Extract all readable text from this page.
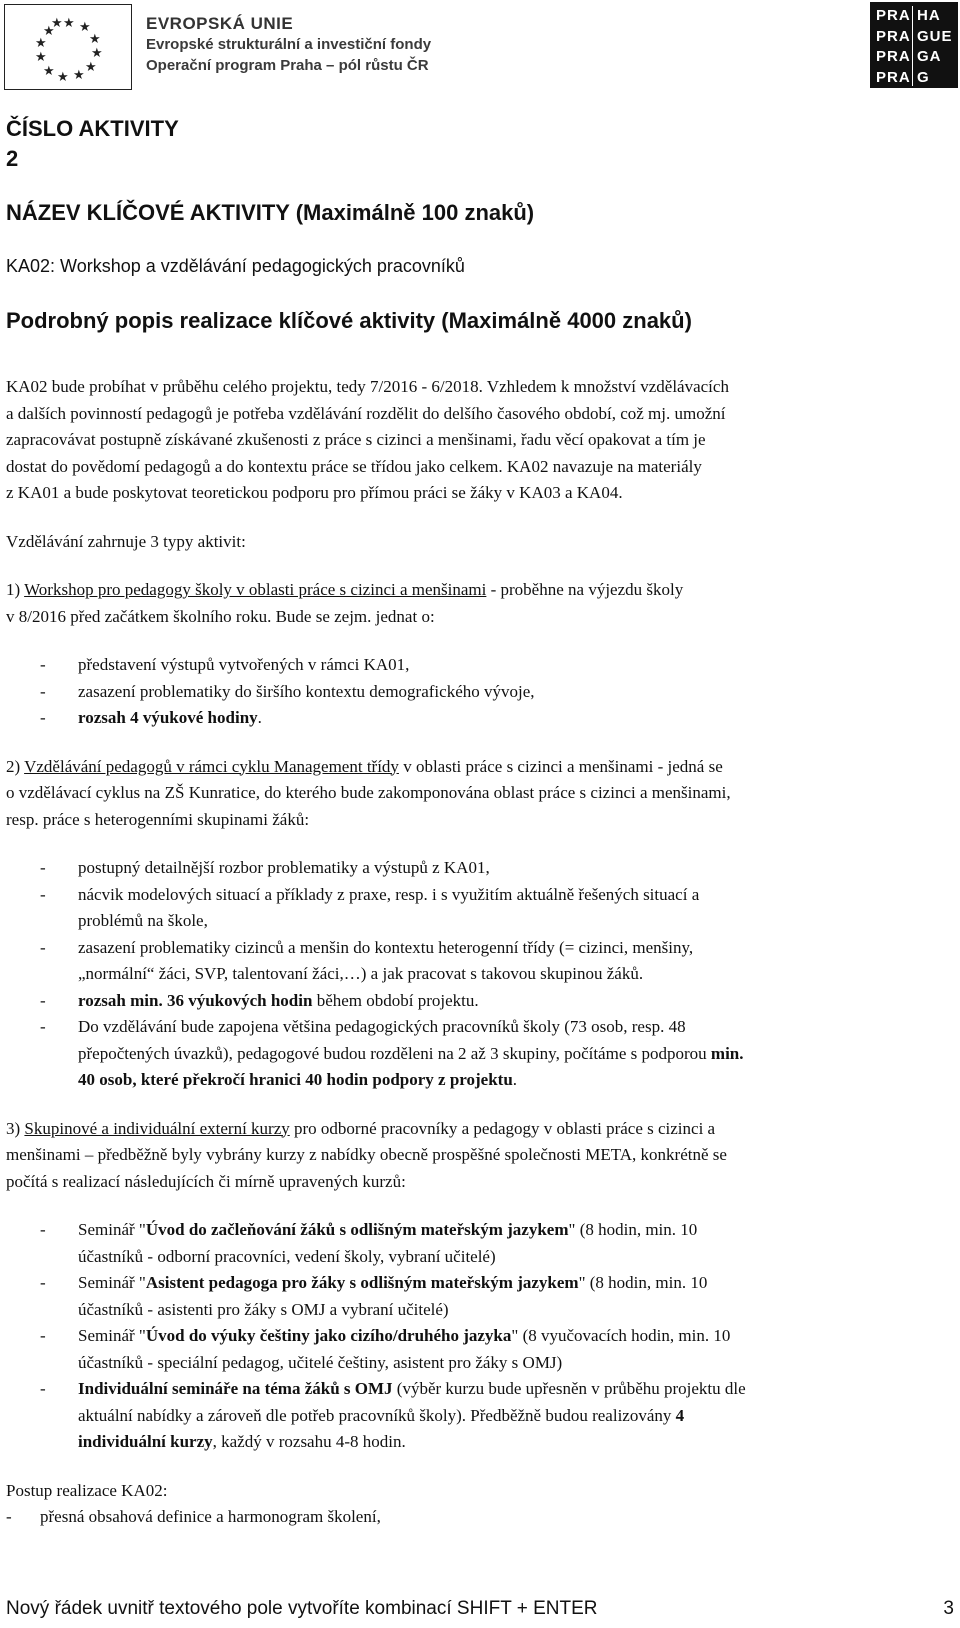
★ ★
★
★
★
★
★
★
★
★
★
★	EVROPSKÁ UNIE
Evropské strukturální a investiční fondy
Operační program Praha – pól růstu ČR
PRA
PRA
PRA
PRA
HA
GUE
GA
G
ČÍSLO AKTIVITY
2
NÁZEV KLÍČOVÉ AKTIVITY (Maximálně 100 znaků)
KA02: Workshop a vzdělávání pedagogických pracovníků
Podrobný popis realizace klíčové aktivity (Maximálně 4000 znaků)

KA02 bude probíhat v průběhu celého projektu, tedy 7/2016 - 6/2018. Vzhledem k množství vzdělávacích

a dalších povinností pedagogů je potřeba vzdělávání rozdělit do delšího časového období, což mj. umožní

zapracovávat postupně získávané zkušenosti z práce s cizinci a menšinami, řadu věcí opakovat a tím je

dostat do povědomí pedagogů a do kontextu práce se třídou jako celkem. KA02 navazuje na materiály

z KA01 a bude poskytovat teoretickou podporu pro přímou práci se žáky v KA03 a KA04.

Vzdělávání zahrnuje 3 typy aktivit:

1) Workshop pro pedagogy školy v oblasti práce s cizinci a menšinami - proběhne na výjezdu školy

v 8/2016 před začátkem školního roku. Bude se zejm. jednat o:

-	představení výstupů vytvořených v rámci KA01,
-	zasazení problematiky do širšího kontextu demografického vývoje,
-	rozsah 4 výukové hodiny.

2) Vzdělávání pedagogů v rámci cyklu Management třídy v oblasti práce s cizinci a menšinami - jedná se

o vzdělávací cyklus na ZŠ Kunratice, do kterého bude zakomponována oblast práce s cizinci a menšinami,

resp. práce s heterogenními skupinami žáků:

-	postupný detailnější rozbor problematiky a výstupů z KA01,
-	nácvik modelových situací a příklady z praxe, resp. i s využitím aktuálně řešených situací a
problémů na škole,
-	zasazení problematiky cizinců a menšin do kontextu heterogenní třídy (= cizinci, menšiny,
„normální“ žáci, SVP, talentovaní žáci,…) a jak pracovat s takovou skupinou žáků.
-	rozsah min. 36 výukových hodin během období projektu.
-	Do vzdělávání bude zapojena většina pedagogických pracovníků školy (73 osob, resp. 48
přepočtených úvazků), pedagogové budou rozděleni na 2 až 3 skupiny, počítáme s podporou min.
40 osob, které překročí hranici 40 hodin podpory z projektu.

3) Skupinové a individuální externí kurzy pro odborné pracovníky a pedagogy v oblasti práce s cizinci a

menšinami – předběžně byly vybrány kurzy z nabídky obecně prospěšné společnosti META, konkrétně se

počítá s realizací následujících či mírně upravených kurzů:

-	Seminář "Úvod do začleňování žáků s odlišným mateřským jazykem" (8 hodin, min. 10
účastníků - odborní pracovníci, vedení školy, vybraní učitelé)
-	Seminář "Asistent pedagoga pro žáky s odlišným mateřským jazykem" (8 hodin, min. 10
účastníků - asistenti pro žáky s OMJ a vybraní učitelé)
-	Seminář "Úvod do výuky češtiny jako cizího/druhého jazyka" (8 vyučovacích hodin, min. 10
účastníků - speciální pedagog, učitelé češtiny, asistent pro žáky s OMJ)
-	Individuální semináře na téma žáků s OMJ (výběr kurzu bude upřesněn v průběhu projektu dle
aktuální nabídky a zároveň dle potřeb pracovníků školy). Předběžně budou realizovány 4
individuální kurzy, každý v rozsahu 4-8 hodin.

Postup realizace KA02:

-	přesná obsahová definice a harmonogram školení,
Nový řádek uvnitř textového pole vytvoříte kombinací SHIFT + ENTER	3
